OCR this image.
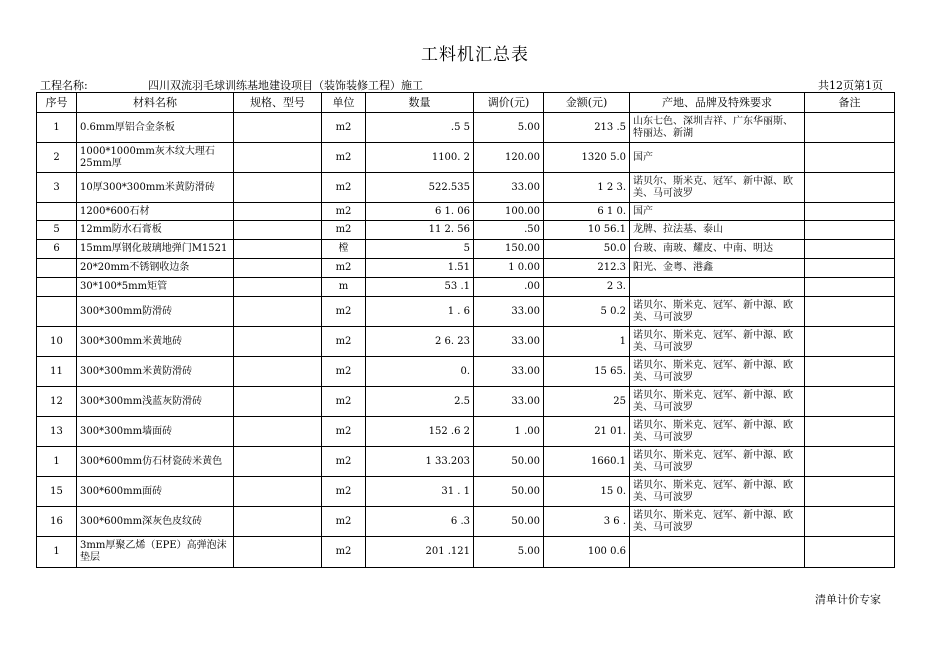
工料机汇总表
工程名称:	四川双流羽毛球训练基地建设项目（装饰装修工程）施工	共12页第1页
序号	材料名称	规格、型号	单位	数量	调价(元)	金额(元)	产地、品牌及特殊要求	备注
1	0.6mm厚铝合金条板		m2	.5 5	5.00	213 .5	山东七色、深圳吉祥、广东华丽斯、特丽达、新湖	
2	1000*1000mm灰木纹大理石25mm厚		m2	1100. 2	120.00	1320 5.0	国产	
3	10厚300*300mm米黄防滑砖		m2	522.535	33.00	1 2 3.	诺贝尔、斯米克、冠军、新中源、欧美、马可波罗	
	1200*600石材		m2	6 1. 06	100.00	6 1 0.	国产	
5	12mm防水石膏板		m2	11 2. 56	.50	10 56.1	龙牌、拉法基、泰山	
6	15mm厚钢化玻璃地弹门M1521		樘	5	150.00	50.0	台玻、南玻、耀皮、中南、明达	
	20*20mm不锈钢收边条		m2	1.51	1 0.00	212.3	阳光、金粤、港鑫	
	30*100*5mm矩管		m	53 .1	.00	2 3.		
	300*300mm防滑砖		m2	1 . 6	33.00	5 0.2	诺贝尔、斯米克、冠军、新中源、欧美、马可波罗	
10	300*300mm米黄地砖		m2	2 6. 23	33.00	1	诺贝尔、斯米克、冠军、新中源、欧美、马可波罗	
11	300*300mm米黄防滑砖		m2	0.	33.00	15 65.	诺贝尔、斯米克、冠军、新中源、欧美、马可波罗	
12	300*300mm浅蓝灰防滑砖		m2	2.5	33.00	25	诺贝尔、斯米克、冠军、新中源、欧美、马可波罗	
13	300*300mm墙面砖		m2	152 .6 2	1 .00	21 01.	诺贝尔、斯米克、冠军、新中源、欧美、马可波罗	
1	300*600mm仿石材瓷砖米黄色		m2	1 33.203	50.00	1660.1	诺贝尔、斯米克、冠军、新中源、欧美、马可波罗	
15	300*600mm面砖		m2	31 . 1	50.00	15 0.	诺贝尔、斯米克、冠军、新中源、欧美、马可波罗	
16	300*600mm深灰色皮纹砖		m2	6 .3	50.00	3 6 .	诺贝尔、斯米克、冠军、新中源、欧美、马可波罗	
1	3mm厚聚乙烯（EPE）高弹泡沫垫层		m2	201 .121	5.00	100 0.6		
清单计价专家
